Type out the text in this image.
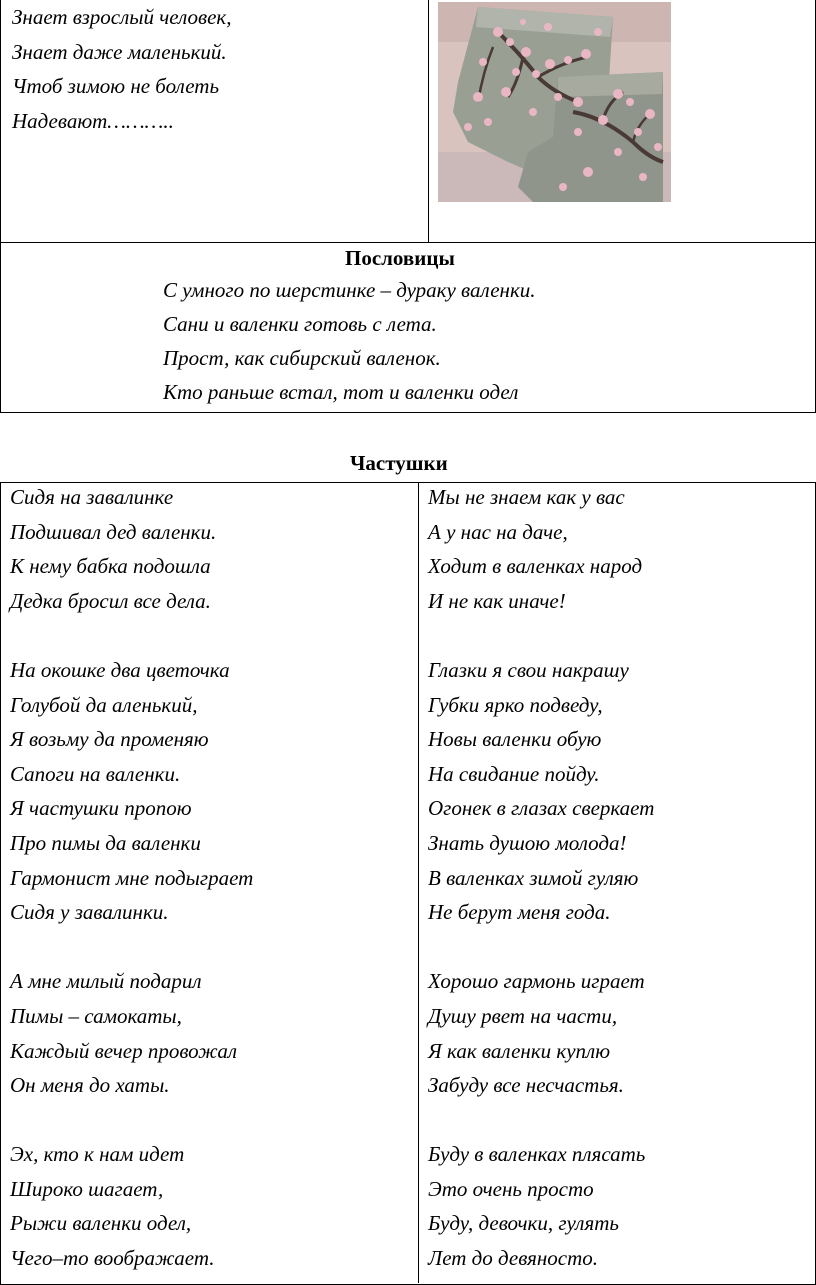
Знает взрослый человек,
Знает даже маленький.
Чтоб зимою не болеть
Надевают………..
Пословицы
С умного по шерстинке – дураку валенки.
Сани и валенки готовь с лета.
Прост, как сибирский валенок.
Кто раньше встал, тот и валенки одел
Частушки
Сидя на завалинке
Подшивал дед валенки.
К нему бабка подошла
Дедка бросил все дела.
На окошке два цветочка
Голубой да аленький,
Я возьму да променяю
Сапоги на валенки.
Я частушки пропою
Про пимы да валенки
Гармонист мне подыграет
Сидя у завалинки.
А мне милый подарил
Пимы – самокаты,
Каждый вечер провожал
Он меня до хаты.
Эх, кто к нам идет
Широко шагает,
Рыжи валенки одел,
Чего–то воображает.
Мы не знаем как у вас
А у нас на даче,
Ходит в валенках народ
И не как иначе!
Глазки я свои накрашу
Губки ярко подведу,
Новы валенки обую
На свидание пойду.
Огонек в глазах сверкает
Знать душою молода!
В валенках зимой гуляю
Не берут меня года.
Хорошо гармонь играет
Душу рвет на части,
Я как валенки куплю
Забуду все несчастья.
Буду в валенках плясать
Это очень просто
Буду, девочки, гулять
Лет до девяносто.
